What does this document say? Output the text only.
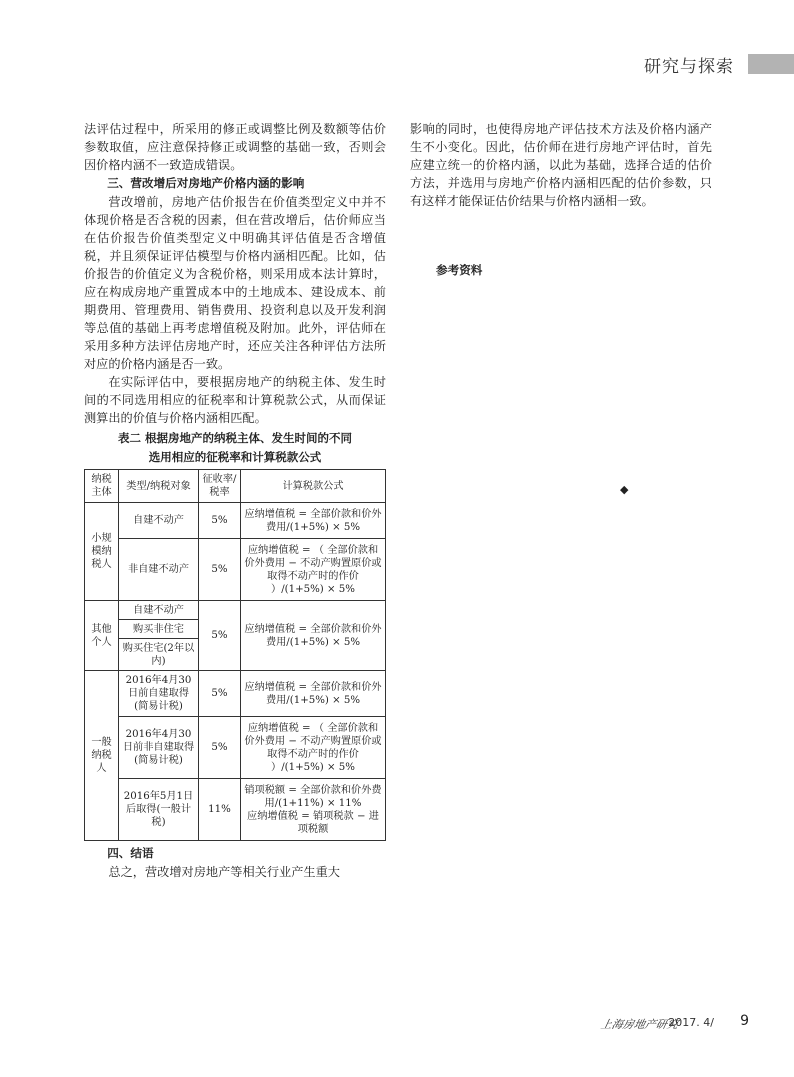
研究与探索

法评估过程中，所采用的修正或调整比例及数额等估价参数取值，应注意保持修正或调整的基础一致，否则会因价格内涵不一致造成错误。

三、营改增后对房地产价格内涵的影响

营改增前，房地产估价报告在价值类型定义中并不体现价格是否含税的因素，但在营改增后，估价师应当在估价报告价值类型定义中明确其评估值是否含增值税，并且须保证评估模型与价格内涵相匹配。比如，估价报告的价值定义为含税价格，则采用成本法计算时，应在构成房地产重置成本中的土地成本、建设成本、前期费用、管理费用、销售费用、投资利息以及开发利润等总值的基础上再考虑增值税及附加。此外，评估师在采用多种方法评估房地产时，还应关注各种评估方法所对应的价格内涵是否一致。

在实际评估中，要根据房地产的纳税主体、发生时间的不同选用相应的征税率和计算税款公式，从而保证测算出的价值与价格内涵相匹配。

表二 根据房地产的纳税主体、发生时间的不同
选用相应的征税率和计算税款公式
纳税主体	类型/纳税对象	征收率/税率	计算税款公式
小规模纳税人	自建不动产	5%	应纳增值税 = 全部价款和价外费用/(1+5%) × 5%
	非自建不动产	5%	应纳增值税 = （ 全部价款和价外费用 − 不动产购置原价或取得不动产时的作价 ）/(1+5%) × 5%
其他个人	自建不动产	5%	应纳增值税 = 全部价款和价外费用/(1+5%) × 5%
	购买非住宅		
	购买住宅(2年以内)		
一般纳税人	2016年4月30日前自建取得(简易计税)	5%	应纳增值税 = 全部价款和价外费用/(1+5%) × 5%
	2016年4月30日前非自建取得(简易计税)	5%	应纳增值税 = （ 全部价款和价外费用 − 不动产购置原价或取得不动产时的作价 ）/(1+5%) × 5%
	2016年5月1日后取得(一般计税)	11%	销项税额 = 全部价款和价外费用/(1+11%) × 11%
应纳增值税 = 销项税款 − 进项税额

四、结语

总之，营改增对房地产等相关行业产生重大

影响的同时，也使得房地产评估技术方法及价格内涵产生不小变化。因此，估价师在进行房地产评估时，首先应建立统一的价格内涵，以此为基础，选择合适的估价方法，并选用与房地产价格内涵相匹配的估价参数，只有这样才能保证估价结果与价格内涵相一致。

参考资料
◆
上海房地产研究
2017. 4/ 9
